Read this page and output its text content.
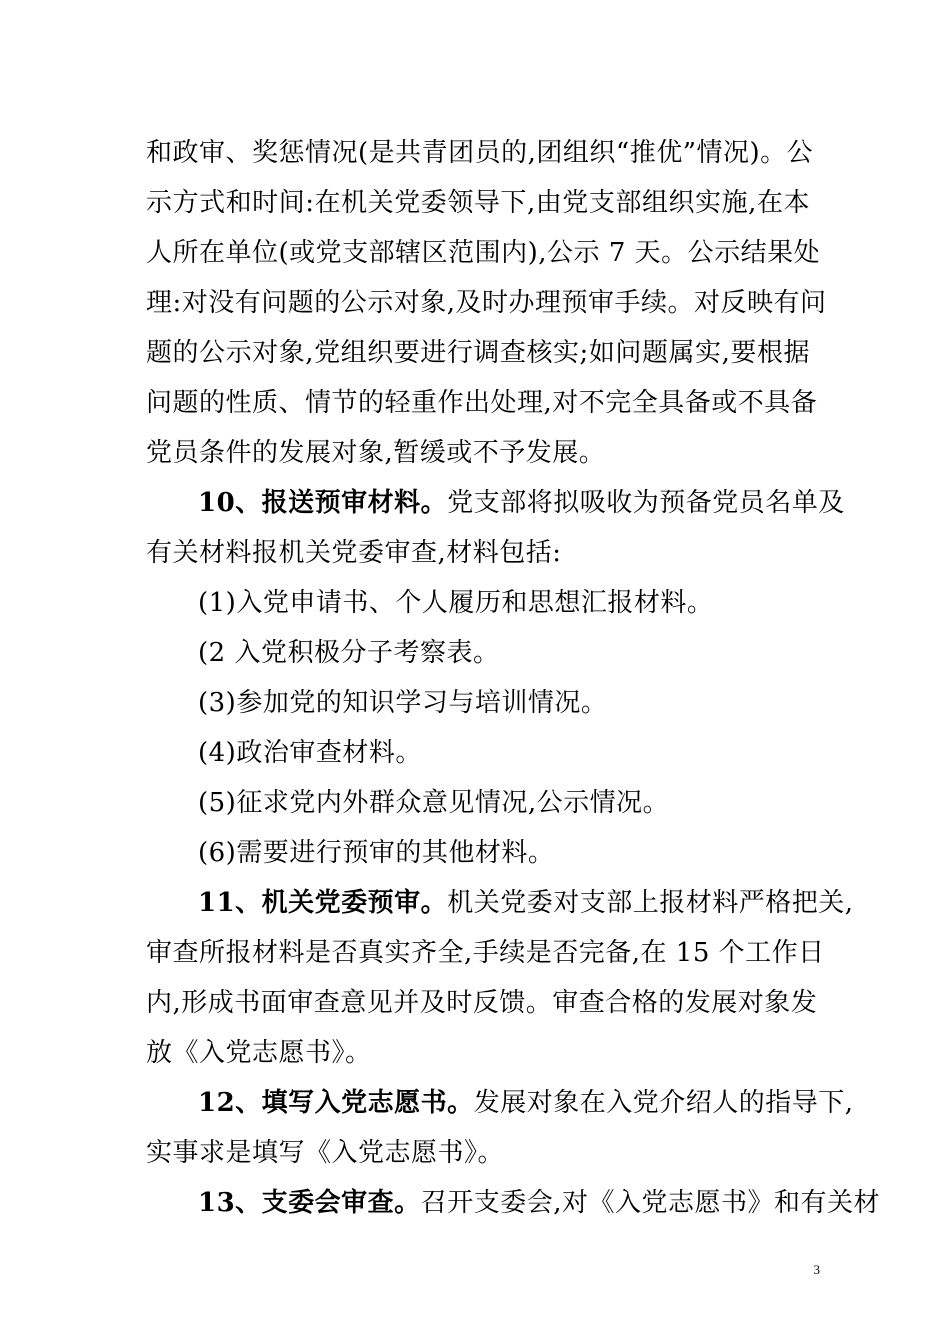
和政审、奖惩情况(是共青团员的,团组织“推优”情况)。公
示方式和时间:在机关党委领导下,由党支部组织实施,在本
人所在单位(或党支部辖区范围内),公示 7 天。公示结果处
理:对没有问题的公示对象,及时办理预审手续。对反映有问
题的公示对象,党组织要进行调查核实;如问题属实,要根据
问题的性质、情节的轻重作出处理,对不完全具备或不具备
党员条件的发展对象,暂缓或不予发展。
10、报送预审材料。党支部将拟吸收为预备党员名单及
有关材料报机关党委审查,材料包括:
(1)入党申请书、个人履历和思想汇报材料。
(2 入党积极分子考察表。
(3)参加党的知识学习与培训情况。
(4)政治审查材料。
(5)征求党内外群众意见情况,公示情况。
(6)需要进行预审的其他材料。
11、机关党委预审。机关党委对支部上报材料严格把关,
审查所报材料是否真实齐全,手续是否完备,在 15 个工作日
内,形成书面审查意见并及时反馈。审查合格的发展对象发
放《入党志愿书》。
12、填写入党志愿书。发展对象在入党介绍人的指导下,
实事求是填写《入党志愿书》。
13、支委会审查。召开支委会,对《入党志愿书》和有关材
3
